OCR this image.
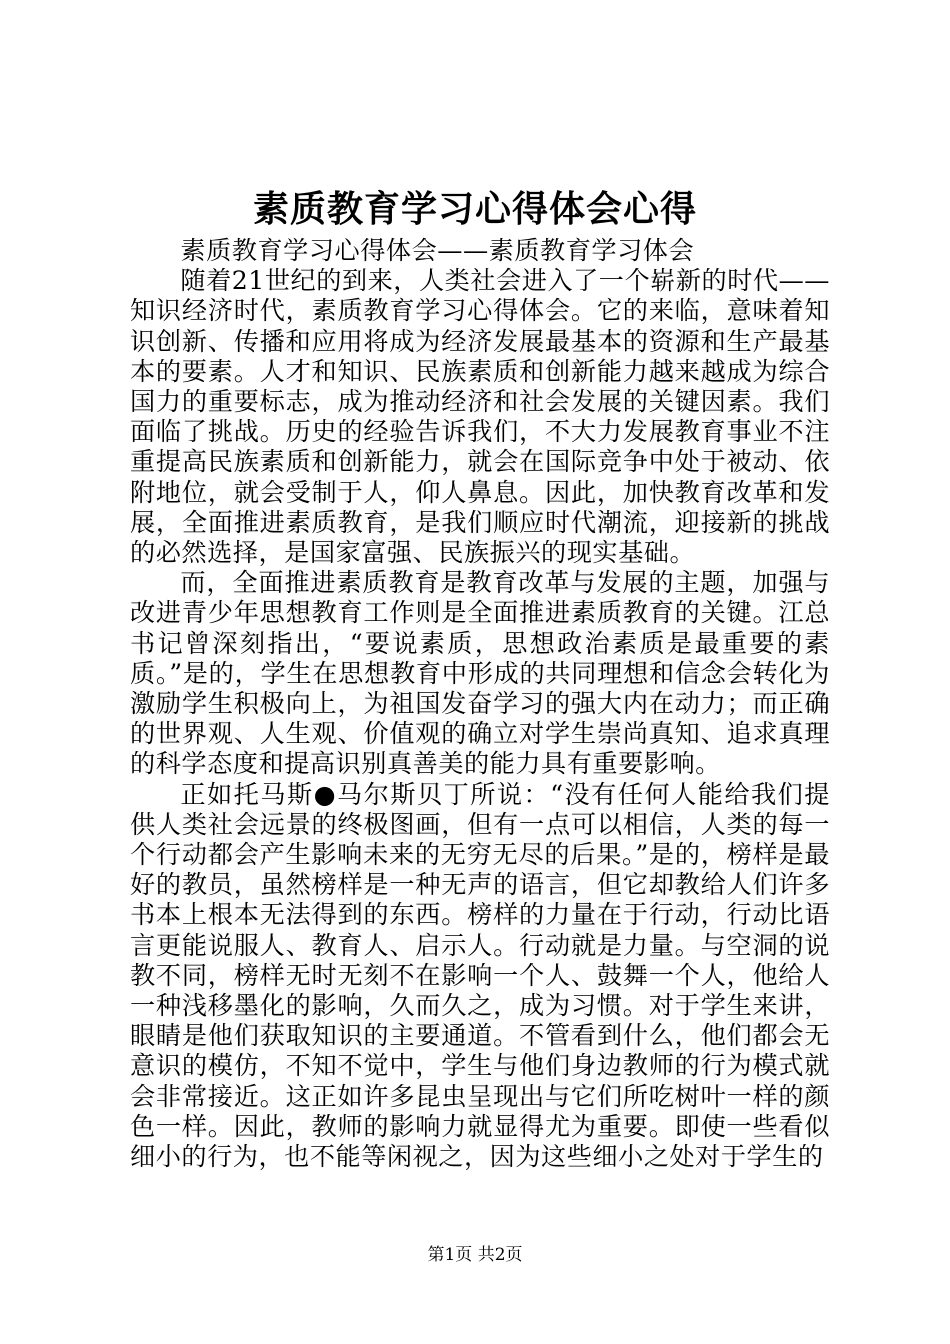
素质教育学习心得体会心得

素质教育学习心得体会——素质教育学习体会

随着21世纪的到来，人类社会进入了一个崭新的时代——知识经济时代，素质教育学习心得体会。它的来临，意味着知识创新、传播和应用将成为经济发展最基本的资源和生产最基本的要素。人才和知识、民族素质和创新能力越来越成为综合国力的重要标志，成为推动经济和社会发展的关键因素。我们面临了挑战。历史的经验告诉我们，不大力发展教育事业不注重提高民族素质和创新能力，就会在国际竞争中处于被动、依附地位，就会受制于人，仰人鼻息。因此，加快教育改革和发展，全面推进素质教育，是我们顺应时代潮流，迎接新的挑战的必然选择，是国家富强、民族振兴的现实基础。

而，全面推进素质教育是教育改革与发展的主题，加强与改进青少年思想教育工作则是全面推进素质教育的关键。江总书记曾深刻指出，“要说素质，思想政治素质是最重要的素质。”是的，学生在思想教育中形成的共同理想和信念会转化为激励学生积极向上，为祖国发奋学习的强大内在动力；而正确的世界观、人生观、价值观的确立对学生崇尚真知、追求真理的科学态度和提高识别真善美的能力具有重要影响。

正如托马斯●马尔斯贝丁所说：“没有任何人能给我们提供人类社会远景的终极图画，但有一点可以相信，人类的每一个行动都会产生影响未来的无穷无尽的后果。”是的，榜样是最好的教员，虽然榜样是一种无声的语言，但它却教给人们许多书本上根本无法得到的东西。榜样的力量在于行动，行动比语言更能说服人、教育人、启示人。行动就是力量。与空洞的说教不同，榜样无时无刻不在影响一个人、鼓舞一个人，他给人一种浅移墨化的影响，久而久之，成为习惯。对于学生来讲，眼睛是他们获取知识的主要通道。不管看到什么，他们都会无意识的模仿，不知不觉中，学生与他们身边教师的行为模式就会非常接近。这正如许多昆虫呈现出与它们所吃树叶一样的颜色一样。因此，教师的影响力就显得尤为重要。即使一些看似细小的行为，也不能等闲视之，因为这些细小之处对于学生的

第1页 共2页
